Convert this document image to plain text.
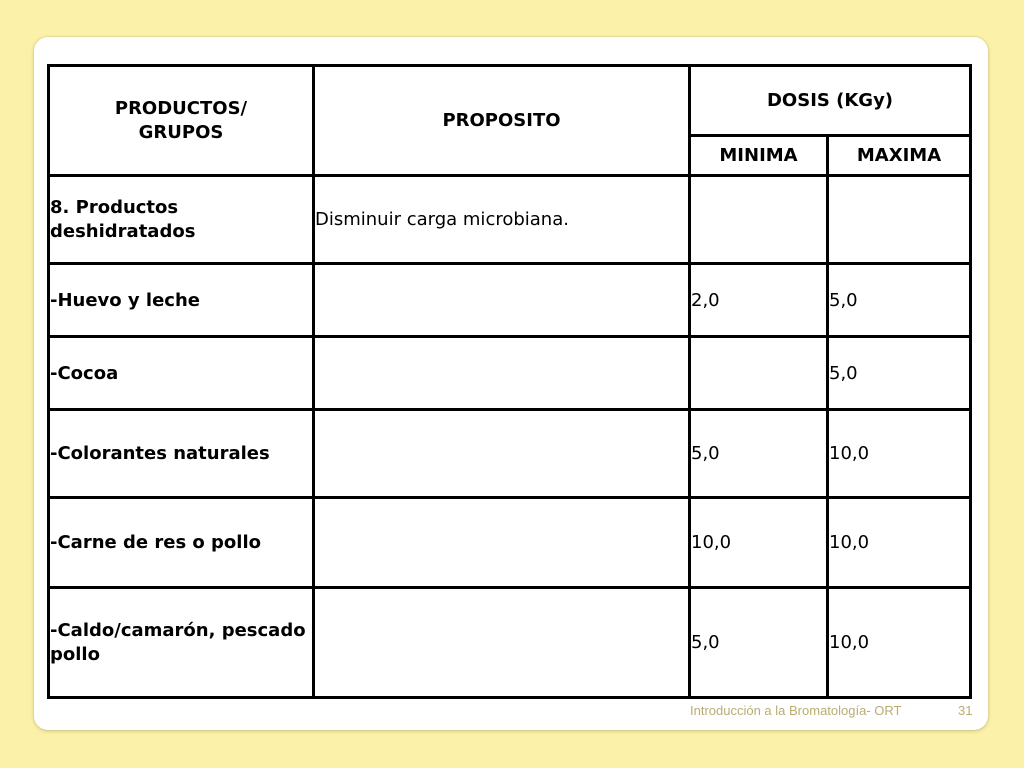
PRODUCTOS/ GRUPOS	PROPOSITO	DOSIS (KGy)	
		MINIMA	MAXIMA

8. Productos deshidratados	Disminuir carga microbiana.		
-Huevo y leche		2,0	5,0
-Cocoa			5,0
-Colorantes naturales		5,0	10,0
-Carne de res o pollo		10,0	10,0

-Caldo/camarón, pescado pollo		5,0	10,0
Introducción a la Bromatología- ORT	31
